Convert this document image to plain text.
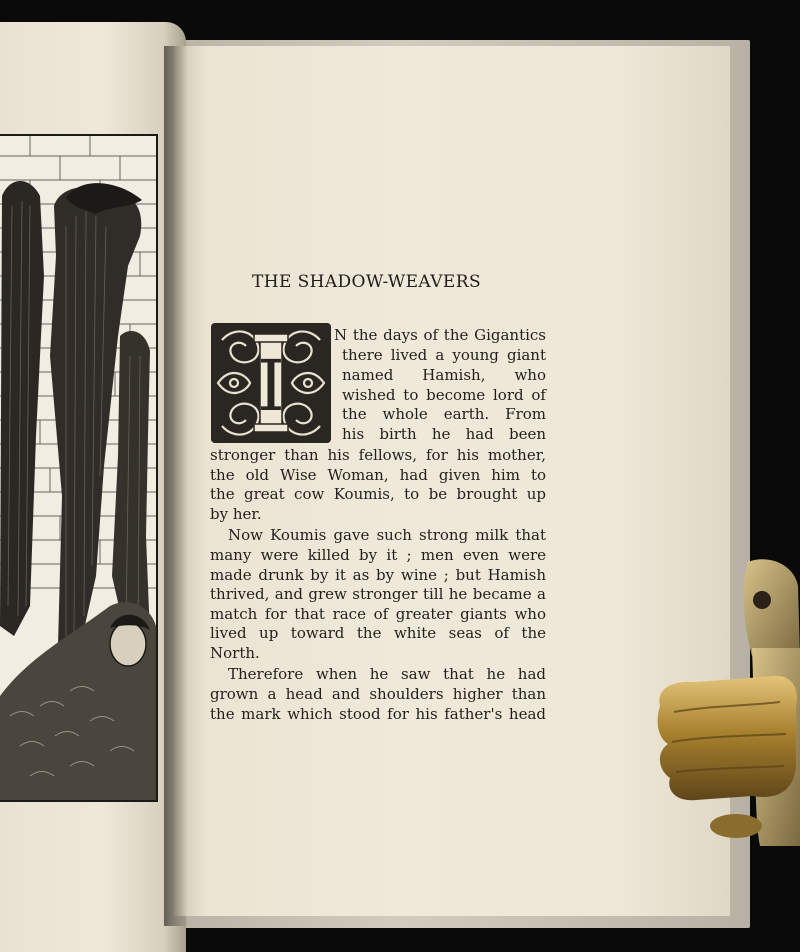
THE SHADOW-WEAVERS
I
N the days of the Gigantics
there lived a young giant
named Hamish, who
wished to become lord of
the whole earth. From
his birth he had been
stronger than his fellows, for his mother,
the old Wise Woman, had given him to
the great cow Koumis, to be brought up
by her.
Now Koumis gave such strong milk that
many were killed by it ; men even were
made drunk by it as by wine ; but Hamish
thrived, and grew stronger till he became a
match for that race of greater giants who
lived up toward the white seas of the
North.
Therefore when he saw that he had
grown a head and shoulders higher than
the mark which stood for his father's head
